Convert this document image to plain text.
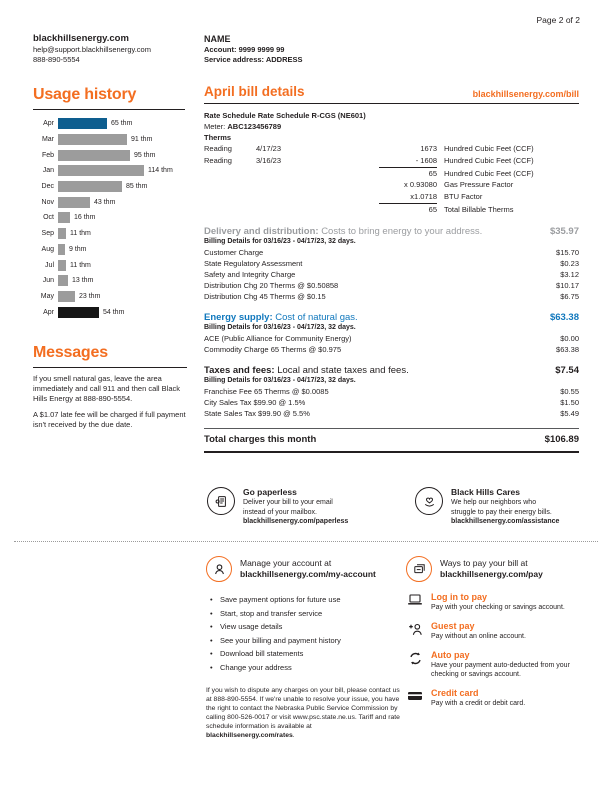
Page 2 of 2
blackhillsenergy.com
help@support.blackhillsenergy.com
888-890-5554
NAME
Account: 9999 9999 99
Service address: ADDRESS
Usage history
Apr	65 thm
Mar	91 thm
Feb	95 thm
Jan	114 thm
Dec	85 thm
Nov	43 thm
Oct	16 thm
Sep 11 thm
Aug 9 thm
Jul 11 thm
Jun	13 thm
May	23 thm
Apr	54 thm
Messages

If you smell natural gas, leave the area immediately and call 911 and then call Black Hills Energy at 888-890-5554.

A $1.07 late fee will be charged if full payment isn't received by the due date.

April bill details	blackhillsenergy.com/bill
Rate Schedule Rate Schedule R-CGS (NE601)
Meter: ABC123456789
Therms
Reading	4/17/23	1673 Hundred Cubic Feet (CCF)
Reading	3/16/23	- 1608 Hundred Cubic Feet (CCF)
65 Hundred Cubic Feet (CCF)
x 0.93080 Gas Pressure Factor
x1.0718 BTU Factor
65 Total Billable Therms
Delivery and distribution: Costs to bring energy to your address.	$35.97
Billing Details for 03/16/23 - 04/17/23, 32 days.
Customer Charge	$15.70
State Regulatory Assessment	$0.23
Safety and Integrity Charge	$3.12
Distribution Chg 20 Therms @ $0.50858	$10.17
Distribution Chg 45 Therms @ $0.15	$6.75
Energy supply: Cost of natural gas.	$63.38
Billing Details for 03/16/23 - 04/17/23, 32 days.
ACE (Public Alliance for Community Energy)	$0.00
Commodity Charge 65 Therms @ $0.975	$63.38
Taxes and fees: Local and state taxes and fees.	$7.54
Billing Details for 03/16/23 - 04/17/23, 32 days.
Franchise Fee 65 Therms @ $0.0085	$0.55
City Sales Tax $99.90 @ 1.5%	$1.50
State Sales Tax $99.90 @ 5.5%	$5.49
Total charges this month	$106.89
Go paperless
Deliver your bill to your email
instead of your mailbox.
blackhillsenergy.com/paperless
Black Hills Cares
We help our neighbors who
struggle to pay their energy bills.
blackhillsenergy.com/assistance
Manage your account at
blackhillsenergy.com/my-account
• Save payment options for future use
• Start, stop and transfer service
• View usage details
• See your billing and payment history
• Download bill statements
• Change your address
If you wish to dispute any charges on your bill, please contact us at 888-890-5554. If we're unable to resolve your issue, you have the right to contact the Nebraska Public Service Commission by calling 800-526-0017 or visit www.psc.state.ne.us. Tariff and rate schedule information is available at blackhillsenergy.com/rates.
Ways to pay your bill at
blackhillsenergy.com/pay
Log in to pay
Pay with your checking or savings account.
Guest pay
Pay without an online account.
Auto pay
Have your payment auto-deducted from your checking or savings account.
Credit card
Pay with a credit or debit card.
